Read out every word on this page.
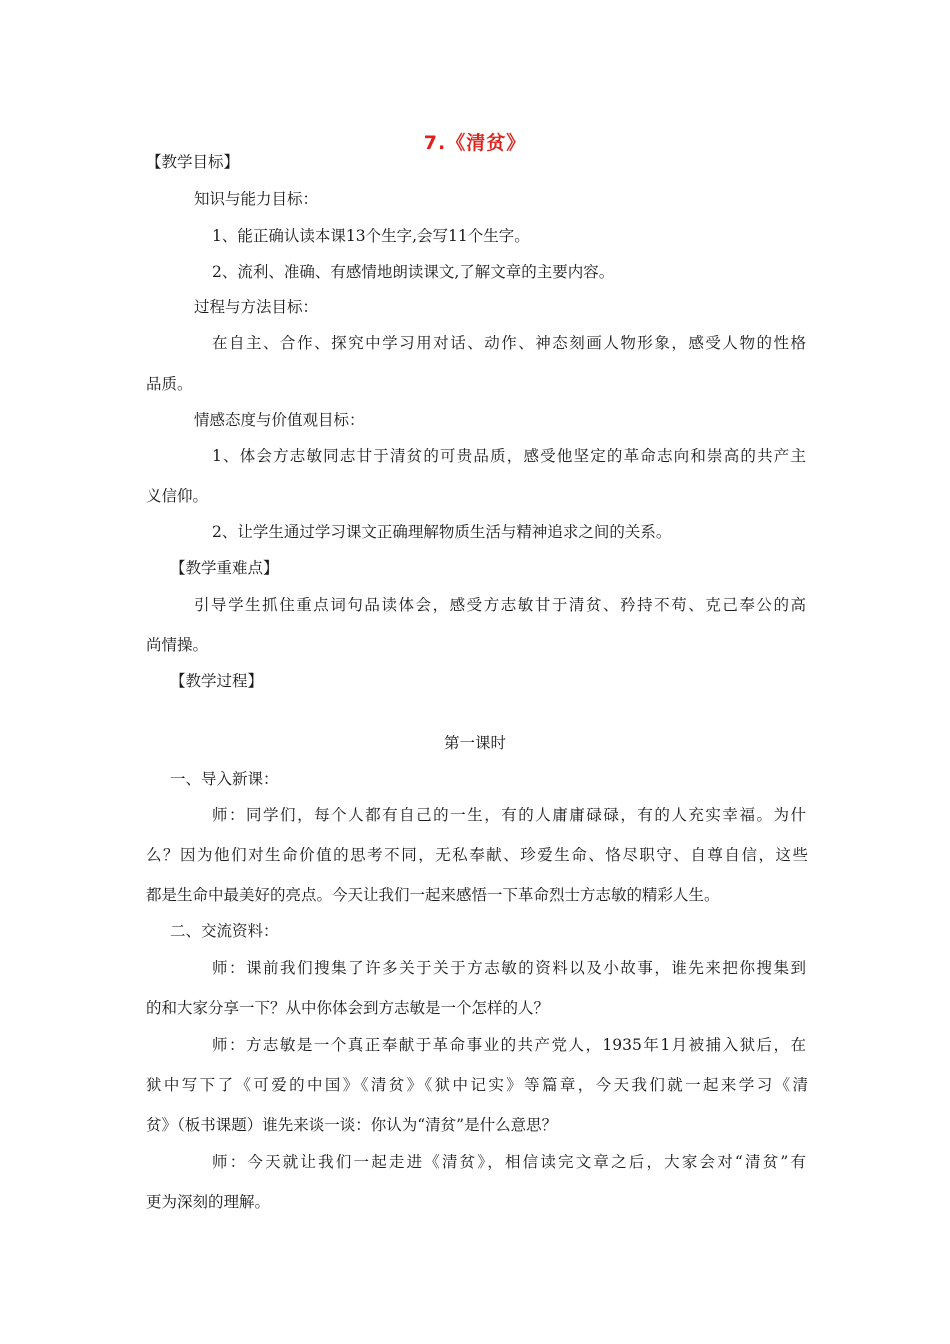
7.《清贫》
【教学目标】
知识与能力目标：
1、能正确认读本课13个生字,会写11个生字。
2、流利、准确、有感情地朗读课文,了解文章的主要内容。
过程与方法目标：
在自主、合作、探究中学习用对话、动作、神态刻画人物形象，感受人物的性格
品质。
情感态度与价值观目标：
1、体会方志敏同志甘于清贫的可贵品质，感受他坚定的革命志向和崇高的共产主
义信仰。
2、让学生通过学习课文正确理解物质生活与精神追求之间的关系。
【教学重难点】
引导学生抓住重点词句品读体会，感受方志敏甘于清贫、矜持不苟、克己奉公的高
尚情操。
【教学过程】
第一课时
一、导入新课：
师：同学们，每个人都有自己的一生，有的人庸庸碌碌，有的人充实幸福。为什
么？因为他们对生命价值的思考不同，无私奉献、珍爱生命、恪尽职守、自尊自信，这些
都是生命中最美好的亮点。今天让我们一起来感悟一下革命烈士方志敏的精彩人生。
二、交流资料：
师：课前我们搜集了许多关于关于方志敏的资料以及小故事，谁先来把你搜集到
的和大家分享一下？从中你体会到方志敏是一个怎样的人？
师：方志敏是一个真正奉献于革命事业的共产党人，1935年1月被捕入狱后，在
狱中写下了《可爱的中国》《清贫》《狱中记实》等篇章，今天我们就一起来学习《清
贫》（板书课题）谁先来谈一谈：你认为“清贫”是什么意思？
师：今天就让我们一起走进《清贫》，相信读完文章之后，大家会对“清贫”有
更为深刻的理解。
